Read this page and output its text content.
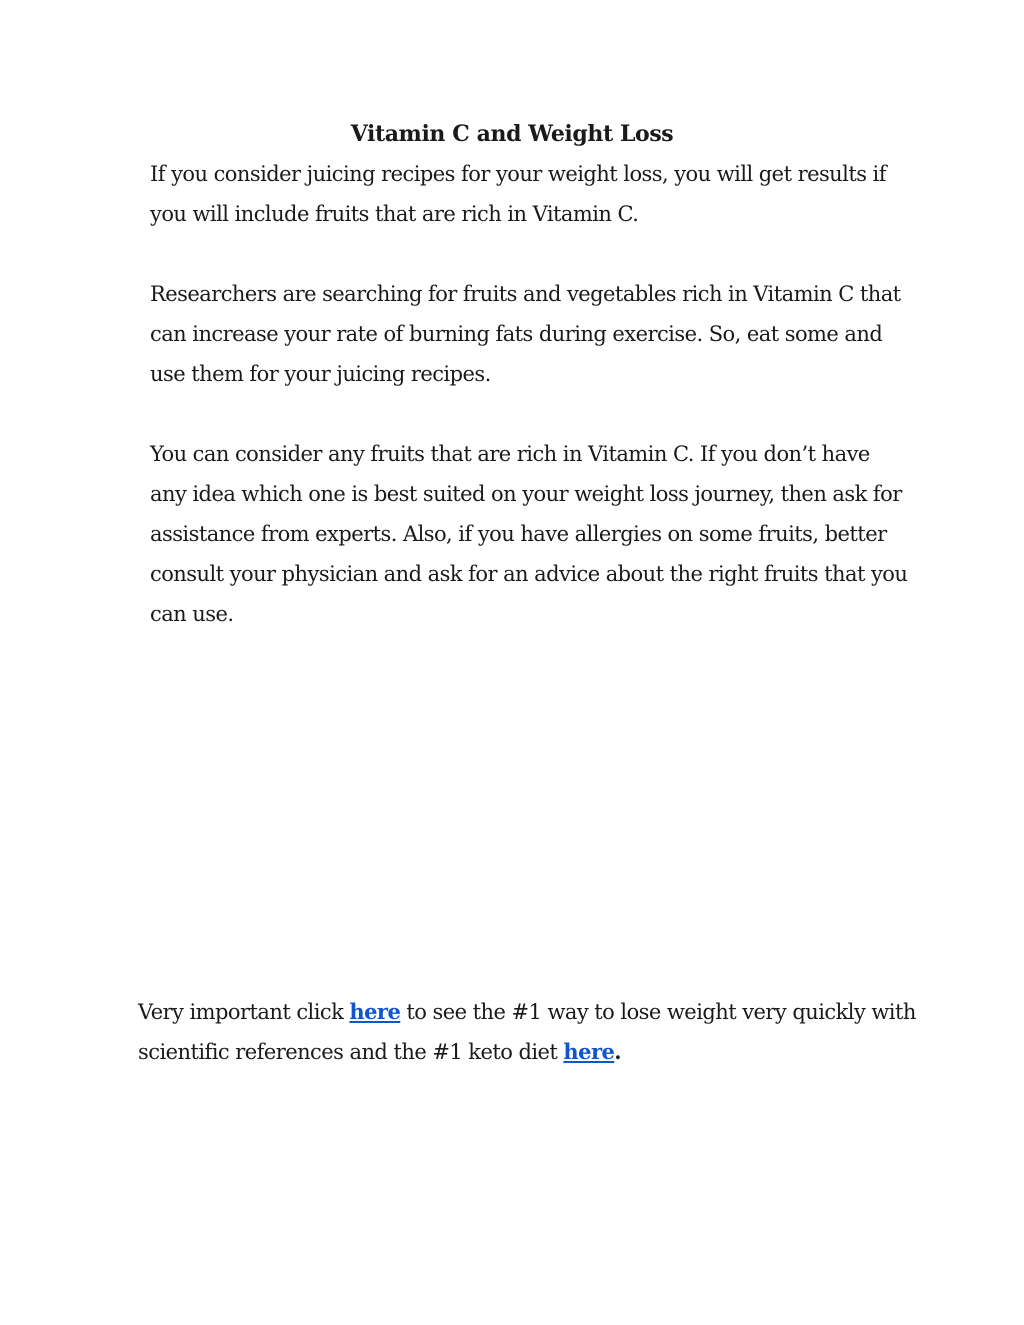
Vitamin C and Weight Loss

If you consider juicing recipes for your weight loss, you will get results if you will include fruits that are rich in Vitamin C.

Researchers are searching for fruits and vegetables rich in Vitamin C that can increase your rate of burning fats during exercise. So, eat some and use them for your juicing recipes.

You can consider any fruits that are rich in Vitamin C. If you don’t have any idea which one is best suited on your weight loss journey, then ask for assistance from experts. Also, if you have allergies on some fruits, better consult your physician and ask for an advice about the right fruits that you can use.

Very important click here to see the #1 way to lose weight very quickly with scientific references and the #1 keto diet here.
